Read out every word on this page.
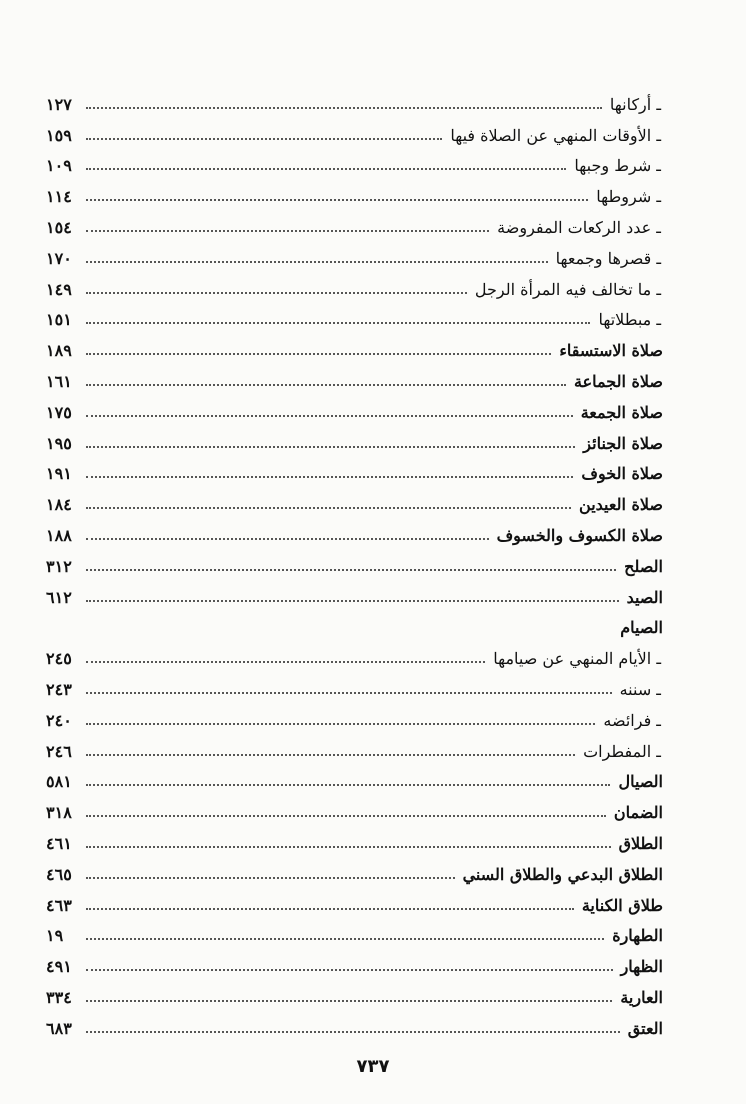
ـ أركانها
١٢٧
ـ الأوقات المنهي عن الصلاة فيها
١٥٩
ـ شرط وجبها
١٠٩
ـ شروطها
١١٤
ـ عدد الركعات المفروضة
١٥٤
ـ قصرها وجمعها
١٧٠
ـ ما تخالف فيه المرأة الرجل
١٤٩
ـ مبطلاتها
١٥١
صلاة الاستسقاء
١٨٩
صلاة الجماعة
١٦١
صلاة الجمعة
١٧٥
صلاة الجنائز
١٩٥
صلاة الخوف
١٩١
صلاة العيدين
١٨٤
صلاة الكسوف والخسوف
١٨٨
الصلح
٣١٢
الصيد
٦١٢
الصيام
ـ الأيام المنهي عن صيامها
٢٤٥
ـ سننه
٢٤٣
ـ فرائضه
٢٤٠
ـ المفطرات
٢٤٦
الصيال
٥٨١
الضمان
٣١٨
الطلاق
٤٦١
الطلاق البدعي والطلاق السني
٤٦٥
طلاق الكناية
٤٦٣
الطهارة
١٩
الظهار
٤٩١
العارية
٣٣٤
العتق
٦٨٣
٧٣٧
